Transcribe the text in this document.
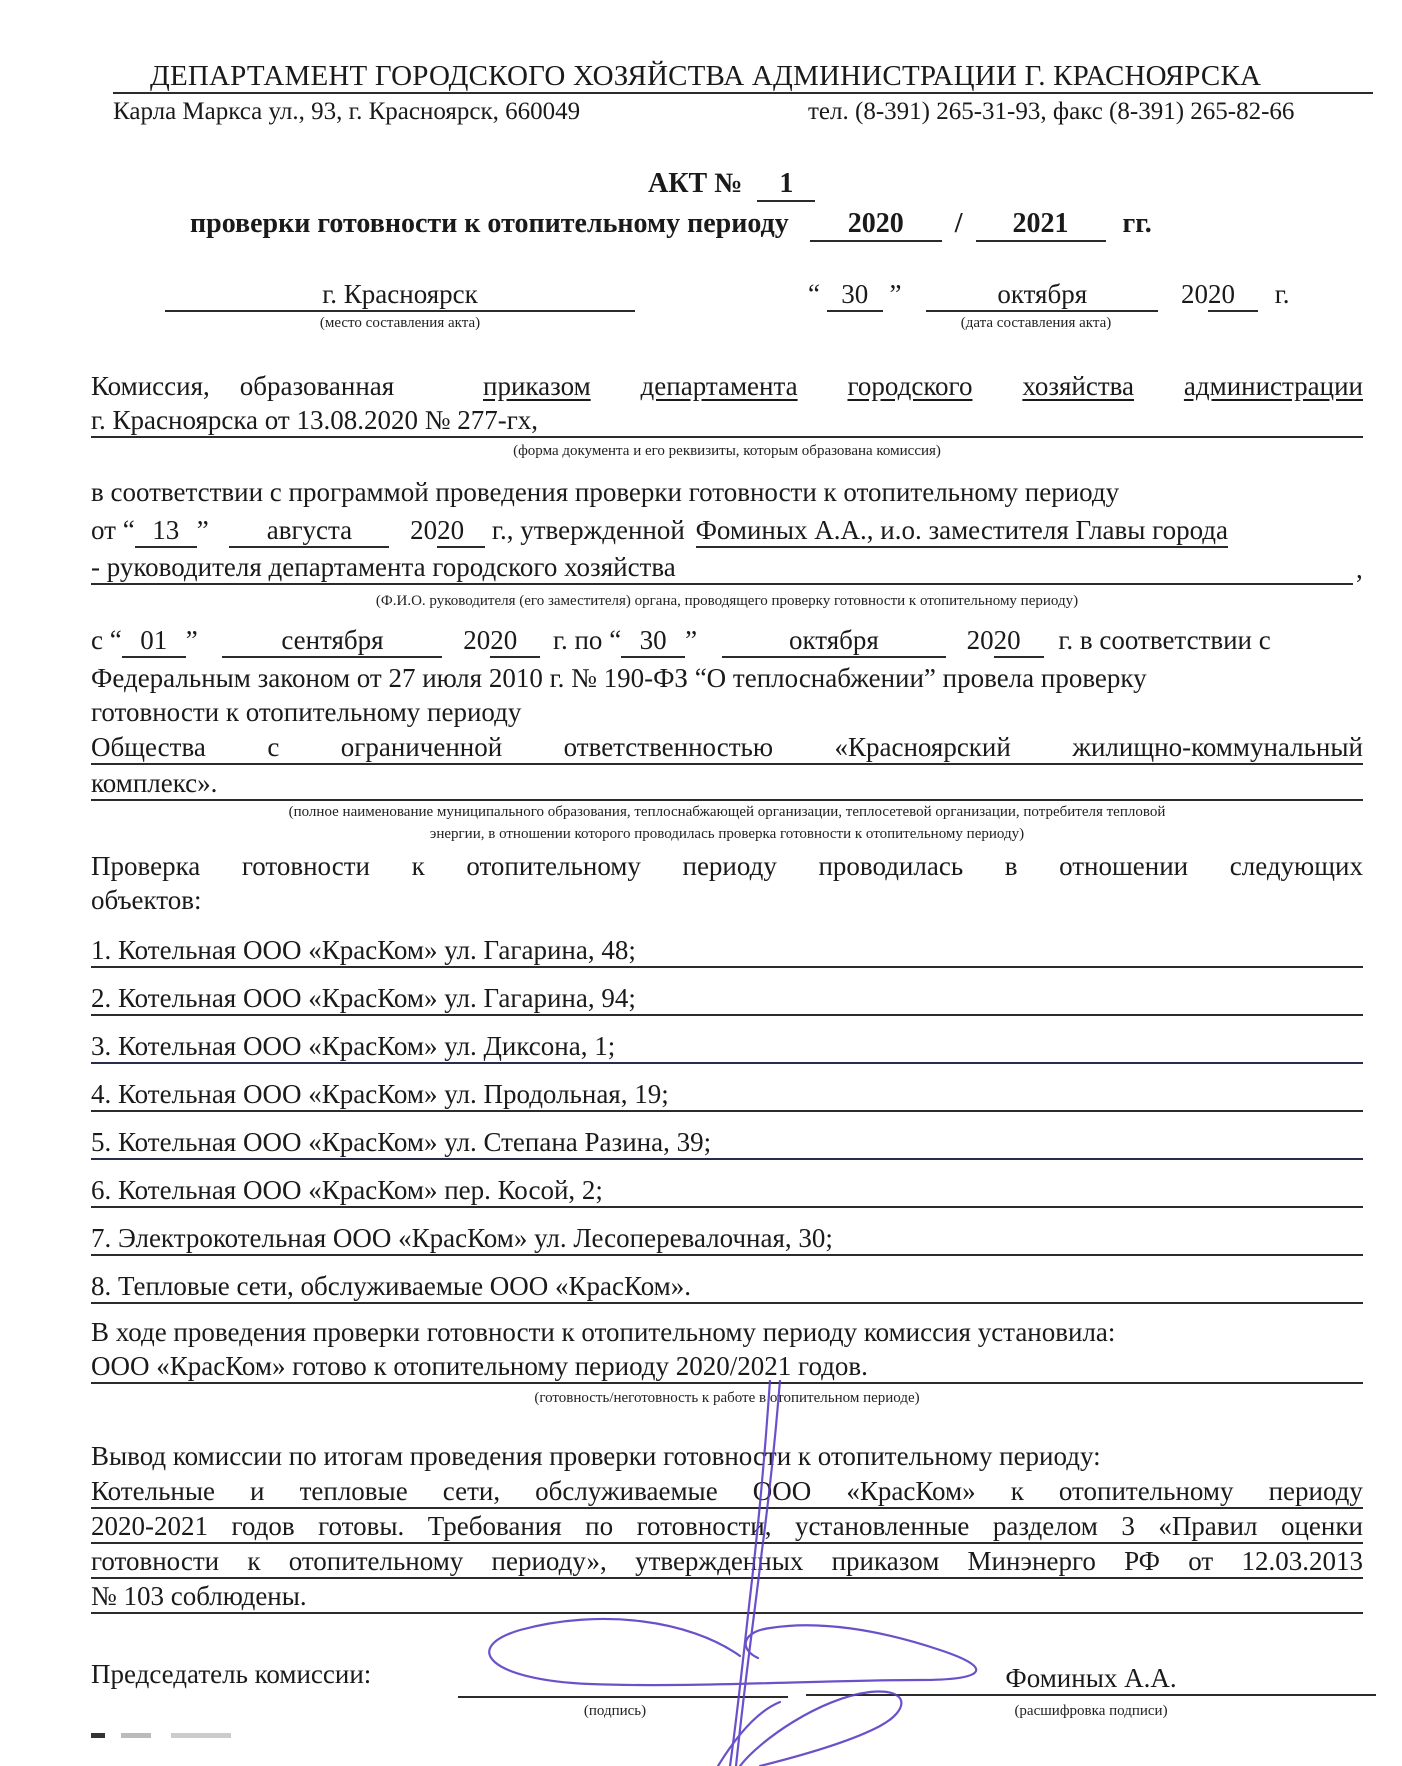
ДЕПАРТАМЕНТ ГОРОДСКОГО ХОЗЯЙСТВА АДМИНИСТРАЦИИ Г. КРАСНОЯРСКА
Карла Маркса ул., 93, г. Красноярск, 660049	тел. (8-391) 265-31-93, факс (8-391) 265-82-66
АКТ № 1
проверки готовности к отопительному периоду 2020 / 2021 гг.
г. Красноярск
(место составления акта)
“ 30 ”	октября	2020 г.
(дата составления акта)
Комиссия, образованная	приказом департамента городского хозяйства администрации
г. Красноярска от 13.08.2020 № 277-гх,
(форма документа и его реквизиты, которым образована комиссия)
в соответствии с программой проведения проверки готовности к отопительному периоду
от “ 13 ” августа 2020 г., утвержденной Фоминых А.А., и.о. заместителя Главы города
- руководителя департамента городского хозяйства	,
(Ф.И.О. руководителя (его заместителя) органа, проводящего проверку готовности к отопительному периоду)
с “ 01 ”	сентября	2020 г. по “ 30 ”	октября	2020 г. в соответствии с
Федеральным законом от 27 июля 2010 г. № 190-ФЗ “О теплоснабжении” провела проверку
готовности к отопительному периоду
Общества с ограниченной ответственностью «Красноярский жилищно-коммунальный
комплекс».
(полное наименование муниципального образования, теплоснабжающей организации, теплосетевой организации, потребителя тепловой
энергии, в отношении которого проводилась проверка готовности к отопительному периоду)
Проверка готовности к отопительному периоду проводилась в отношении следующих
объектов:
1. Котельная ООО «КрасКом» ул. Гагарина, 48;
2. Котельная ООО «КрасКом» ул. Гагарина, 94;
3. Котельная ООО «КрасКом» ул. Диксона, 1;
4. Котельная ООО «КрасКом» ул. Продольная, 19;
5. Котельная ООО «КрасКом» ул. Степана Разина, 39;
6. Котельная ООО «КрасКом» пер. Косой, 2;
7. Электрокотельная ООО «КрасКом» ул. Лесоперевалочная, 30;
8. Тепловые сети, обслуживаемые ООО «КрасКом».
В ходе проведения проверки готовности к отопительному периоду комиссия установила:
ООО «КрасКом» готово к отопительному периоду 2020/2021 годов.
(готовность/неготовность к работе в отопительном периоде)
Вывод комиссии по итогам проведения проверки готовности к отопительному периоду:
Котельные и тепловые сети, обслуживаемые ООО «КрасКом» к отопительному периоду
2020-2021 годов готовы. Требования по готовности, установленные разделом 3 «Правил оценки
готовности к отопительному периоду», утвержденных приказом Минэнерго РФ от 12.03.2013
№ 103 соблюдены.
Председатель комиссии:
(подпись)
Фоминых А.А.
(расшифровка подписи)
